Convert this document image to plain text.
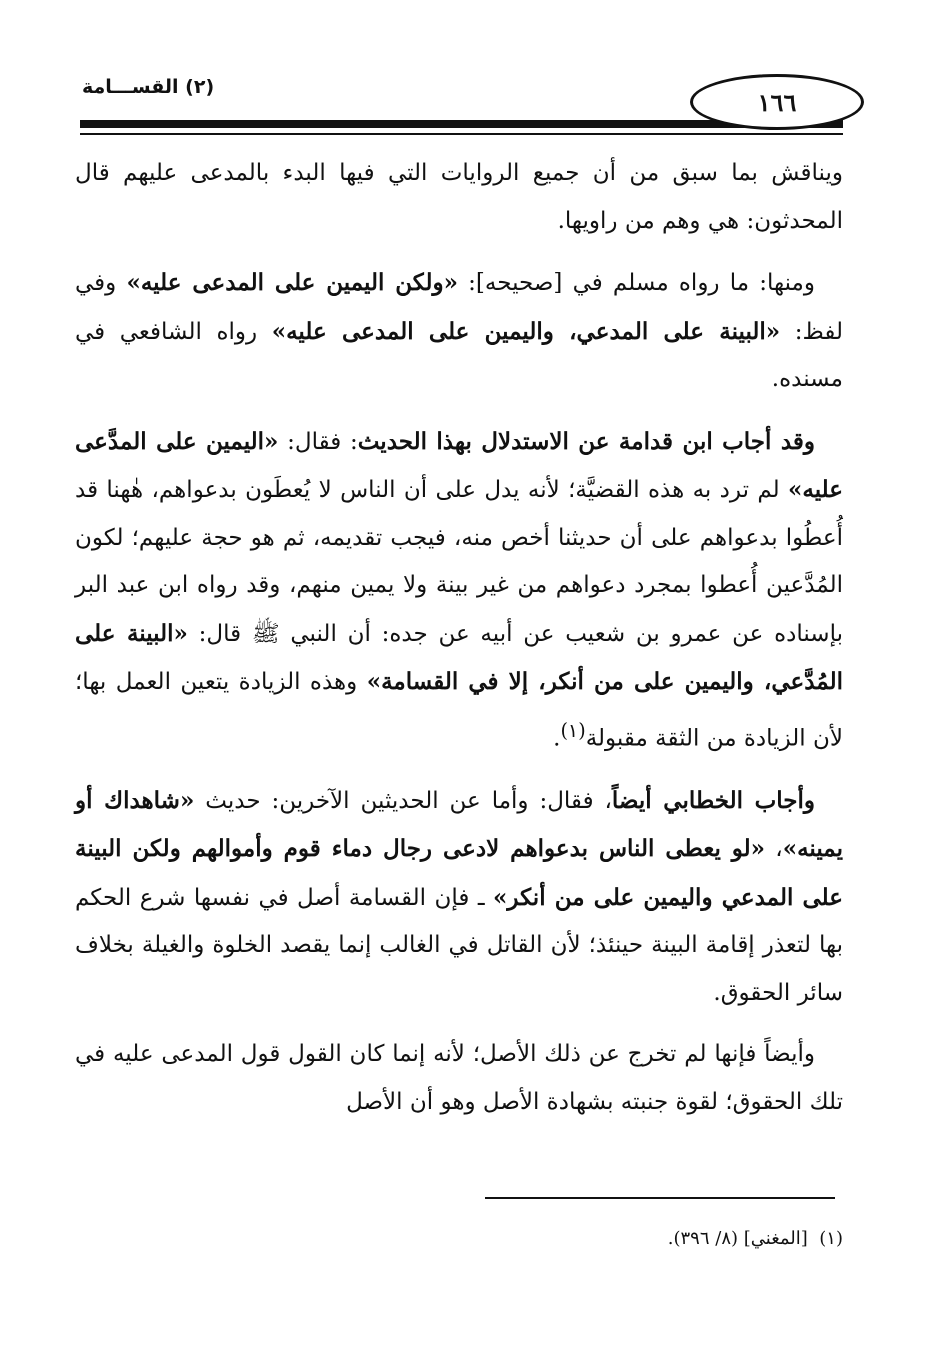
١٦٦
(٢) القســـامة

ويناقش بما سبق من أن جميع الروايات التي فيها البدء بالمدعى عليهم قال المحدثون: هي وهم من راويها.

ومنها: ما رواه مسلم في [صحيحه]: «ولكن اليمين على المدعى عليه» وفي لفظ: «البينة على المدعي، واليمين على المدعى عليه» رواه الشافعي في مسنده.

وقد أجاب ابن قدامة عن الاستدلال بهذا الحديث: فقال: «اليمين على المدَّعى عليه» لم ترد به هذه القضيَّة؛ لأنه يدل على أن الناس لا يُعطَون بدعواهم، هٰهنا قد أُعطُوا بدعواهم على أن حديثنا أخص منه، فيجب تقديمه، ثم هو حجة عليهم؛ لكون المُدَّعين أُعطوا بمجرد دعواهم من غير بينة ولا يمين منهم، وقد رواه ابن عبد البر بإسناده عن عمرو بن شعيب عن أبيه عن جده: أن النبي ﷺ قال: «البينة على المُدَّعي، واليمين على من أنكر، إلا في القسامة» وهذه الزيادة يتعين العمل بها؛ لأن الزيادة من الثقة مقبولة$^{(١)}$.

وأجاب الخطابي أيضاً، فقال: وأما عن الحديثين الآخرين: حديث «شاهداك أو يمينه»، «لو يعطى الناس بدعواهم لادعى رجال دماء قوم وأموالهم ولكن البينة على المدعي واليمين على من أنكر» ـ فإن القسامة أصل في نفسها شرع الحكم بها لتعذر إقامة البينة حينئذ؛ لأن القاتل في الغالب إنما يقصد الخلوة والغيلة بخلاف سائر الحقوق.

وأيضاً فإنها لم تخرج عن ذلك الأصل؛ لأنه إنما كان القول قول المدعى عليه في تلك الحقوق؛ لقوة جنبته بشهادة الأصل وهو أن الأصل

(١)  [المغني] (٨/ ٣٩٦).
